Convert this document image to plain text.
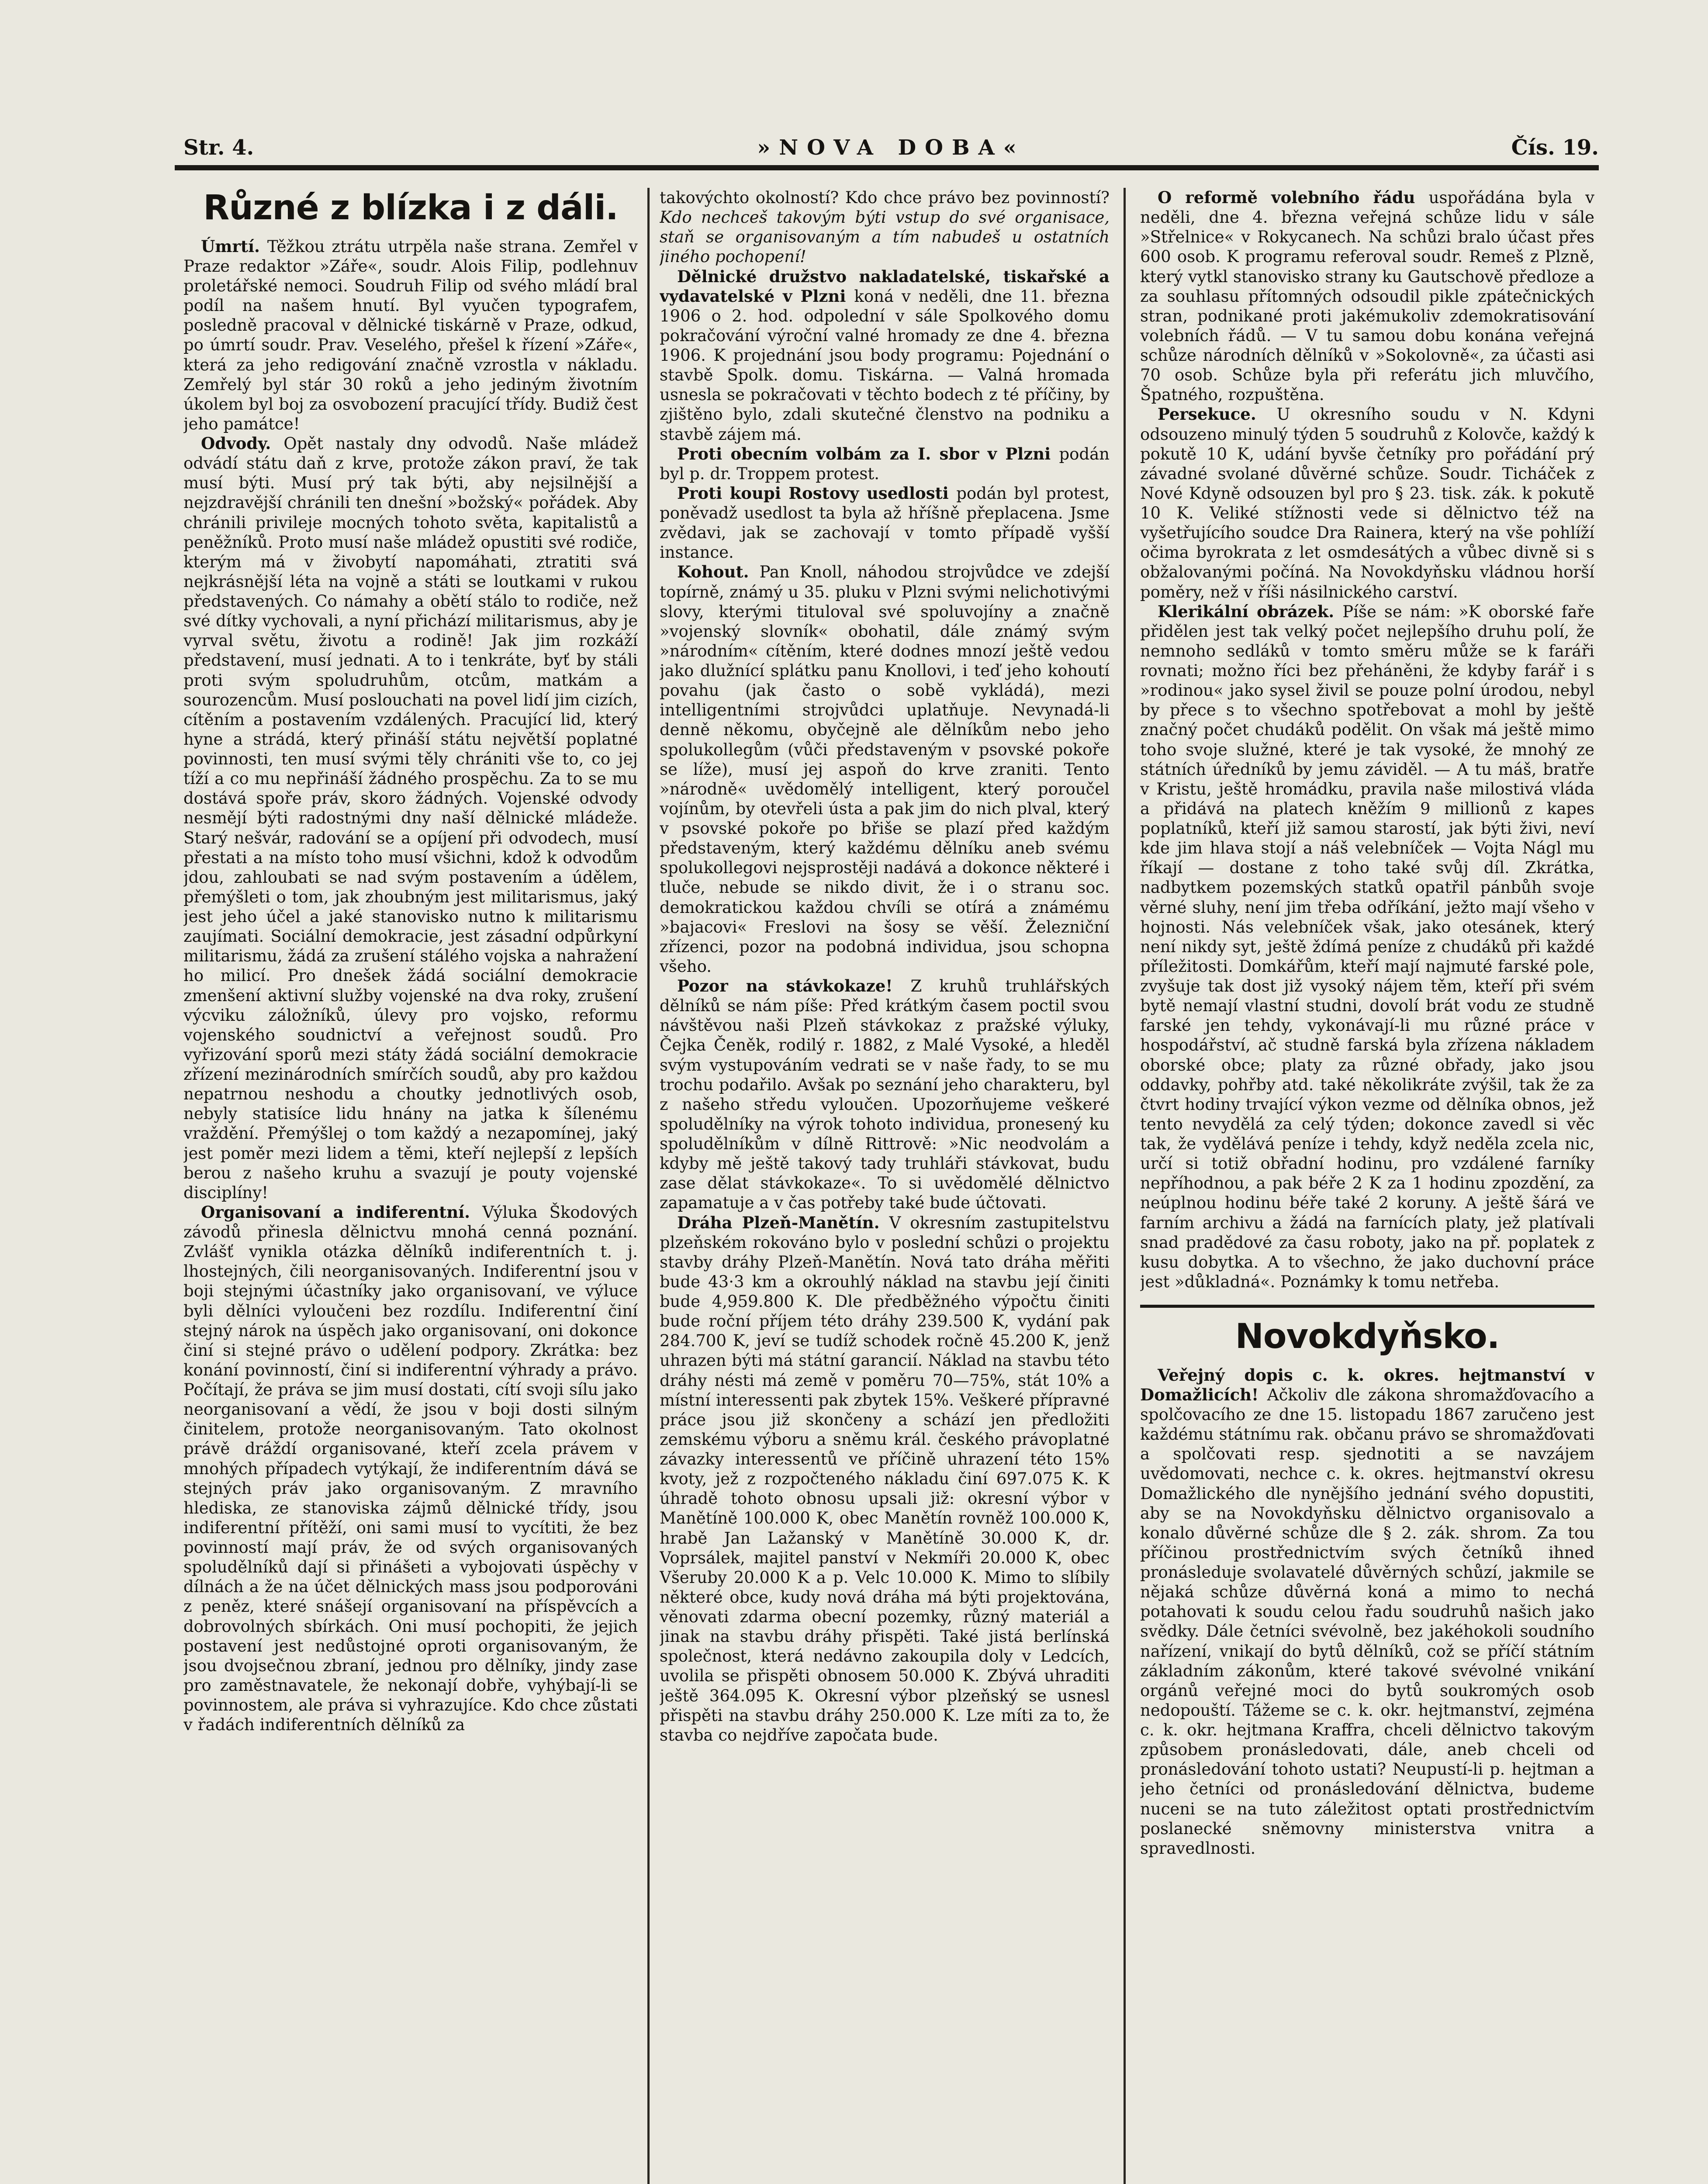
Str. 4.	»NOVA DOBA«	Čís. 19.
Různé z blízka i z dáli.

Úmrtí. Těžkou ztrátu utrpěla naše strana. Zemřel v Praze redaktor »Záře«, soudr. Alois Filip, podlehnuv proletářské nemoci. Soudruh Filip od svého mládí bral podíl na našem hnutí. Byl vyučen typografem, posledně pracoval v dělnické tiskárně v Praze, odkud, po úmrtí soudr. Prav. Veselého, přešel k řízení »Záře«, která za jeho redigování značně vzrostla v nákladu. Zemřelý byl stár 30 roků a jeho jediným životním úkolem byl boj za osvobození pracující třídy. Budiž čest jeho památce!

Odvody. Opět nastaly dny odvodů. Naše mládež odvádí státu daň z krve, protože zákon praví, že tak musí býti. Musí prý tak býti, aby nejsilnější a nejzdravější chránili ten dnešní »božský« pořádek. Aby chránili privileje mocných tohoto světa, kapitalistů a peněžníků. Proto musí naše mládež opustiti své rodiče, kterým má v živobytí napomáhati, ztratiti svá nejkrásnější léta na vojně a státi se loutkami v rukou představených. Co námahy a obětí stálo to rodiče, než své dítky vychovali, a nyní přichází militarismus, aby je vyrval světu, životu a rodině! Jak jim rozkáží představení, musí jednati. A to i tenkráte, byť by stáli proti svým spoludruhům, otcům, matkám a sourozencům. Musí poslouchati na povel lidí jim cizích, cítěním a postavením vzdálených. Pracující lid, který hyne a strádá, který přináší státu největší poplatné povinnosti, ten musí svými těly chrániti vše to, co jej tíží a co mu nepřináší žádného prospěchu. Za to se mu dostává spoře práv, skoro žádných. Vojenské odvody nesmějí býti radostnými dny naší dělnické mládeže. Starý nešvár, radování se a opíjení při odvodech, musí přestati a na místo toho musí všichni, kdož k odvodům jdou, zahloubati se nad svým postavením a údělem, přemýšleti o tom, jak zhoubným jest militarismus, jaký jest jeho účel a jaké stanovisko nutno k militarismu zaujímati. Sociální demokracie, jest zásadní odpůrkyní militarismu, žádá za zrušení stálého vojska a nahražení ho milicí. Pro dnešek žádá sociální demokracie zmenšení aktivní služby vojenské na dva roky, zrušení výcviku záložníků, úlevy pro vojsko, reformu vojenského soudnictví a veřejnost soudů. Pro vyřizování sporů mezi státy žádá sociální demokracie zřízení mezinárodních smírčích soudů, aby pro každou nepatrnou neshodu a choutky jednotlivých osob, nebyly statisíce lidu hnány na jatka k šílenému vraždění. Přemýšlej o tom každý a nezapomínej, jaký jest poměr mezi lidem a těmi, kteří nejlepší z lepších berou z našeho kruhu a svazují je pouty vojenské disciplíny!

Organisovaní a indiferentní. Výluka Škodových závodů přinesla dělnictvu mnohá cenná poznání. Zvlášť vynikla otázka dělníků indiferentních t. j. lhostejných, čili neorganisovaných. Indiferentní jsou v boji stejnými účastníky jako organisovaní, ve výluce byli dělníci vyloučeni bez rozdílu. Indiferentní činí stejný nárok na úspěch jako organisovaní, oni dokonce činí si stejné právo o udělení podpory. Zkrátka: bez konání povinností, činí si indiferentní výhrady a právo. Počítají, že práva se jim musí dostati, cítí svoji sílu jako neorganisovaní a vědí, že jsou v boji dosti silným činitelem, protože neorganisovaným. Tato okolnost právě dráždí organisované, kteří zcela právem v mnohých případech vytýkají, že indiferentním dává se stejných práv jako organisovaným. Z mravního hlediska, ze stanoviska zájmů dělnické třídy, jsou indiferentní přítěží, oni sami musí to vycítiti, že bez povinností mají práv, že od svých organisovaných spoludělníků dají si přinášeti a vybojovati úspěchy v dílnách a že na účet dělnických mass jsou podporováni z peněz, které snášejí organisovaní na příspěvcích a dobrovolných sbírkách. Oni musí pochopiti, že jejich postavení jest nedůstojné oproti organisovaným, že jsou dvojsečnou zbraní, jednou pro dělníky, jindy zase pro zaměstnavatele, že nekonají dobře, vyhýbají-li se povinnostem, ale práva si vyhrazujíce. Kdo chce zůstati v řadách indiferentních dělníků za

takovýchto okolností? Kdo chce právo bez povinností? Kdo nechceš takovým býti vstup do své organisace, staň se organisovaným a tím nabudeš u ostatních jiného pochopení!

Dělnické družstvo nakladatelské, tiskařské a vydavatelské v Plzni koná v neděli, dne 11. března 1906 o 2. hod. odpolední v sále Spolkového domu pokračování výroční valné hromady ze dne 4. března 1906. K projednání jsou body programu: Pojednání o stavbě Spolk. domu. Tiskárna. — Valná hromada usnesla se pokračovati v těchto bodech z té příčiny, by zjištěno bylo, zdali skutečné členstvo na podniku a stavbě zájem má.

Proti obecním volbám za I. sbor v Plzni podán byl p. dr. Troppem protest.

Proti koupi Rostovy usedlosti podán byl protest, poněvadž usedlost ta byla až hříšně přeplacena. Jsme zvědavi, jak se zachovají v tomto případě vyšší instance.

Kohout. Pan Knoll, náhodou strojvůdce ve zdejší topírně, známý u 35. pluku v Plzni svými nelichotivými slovy, kterými tituloval své spoluvojíny a značně »vojenský slovník« obohatil, dále známý svým »národním« cítěním, které dodnes mnozí ještě vedou jako dlužnící splátku panu Knollovi, i teď jeho kohoutí povahu (jak často o sobě vykládá), mezi intelligentními strojvůdci uplatňuje. Nevynadá-li denně někomu, obyčejně ale dělníkům nebo jeho spolukollegům (vůči představeným v psovské pokoře se líže), musí jej aspoň do krve zraniti. Tento »národně« uvědomělý intelligent, který poroučel vojínům, by otevřeli ústa a pak jim do nich plval, který v psovské pokoře po břiše se plazí před každým představeným, který každému dělníku aneb svému spolukollegovi nejsprostěji nadává a dokonce některé i tluče, nebude se nikdo divit, že i o stranu soc. demokratickou každou chvíli se otírá a známému »bajacovi« Freslovi na šosy se věší. Železniční zřízenci, pozor na podobná individua, jsou schopna všeho.

Pozor na stávkokaze! Z kruhů truhlářských dělníků se nám píše: Před krátkým časem poctil svou návštěvou naši Plzeň stávkokaz z pražské výluky, Čejka Čeněk, rodilý r. 1882, z Malé Vysoké, a hleděl svým vystupováním vedrati se v naše řady, to se mu trochu podařilo. Avšak po seznání jeho charakteru, byl z našeho středu vyloučen. Upozorňujeme veškeré spoludělníky na výrok tohoto individua, pronesený ku spoludělníkům v dílně Rittrově: »Nic neodvolám a kdyby mě ještě takový tady truhláři stávkovat, budu zase dělat stávkokaze«. To si uvědomělé dělnictvo zapamatuje a v čas potřeby také bude účtovati.

Dráha Plzeň-Manětín. V okresním zastupitelstvu plzeňském rokováno bylo v poslední schůzi o projektu stavby dráhy Plzeň-Manětín. Nová tato dráha měřiti bude 43·3 km a okrouhlý náklad na stavbu její činiti bude 4,959.800 K. Dle předběžného výpočtu činiti bude roční příjem této dráhy 239.500 K, vydání pak 284.700 K, jeví se tudíž schodek ročně 45.200 K, jenž uhrazen býti má státní garancií. Náklad na stavbu této dráhy nésti má země v poměru 70—75%, stát 10% a místní interessenti pak zbytek 15%. Veškeré přípravné práce jsou již skončeny a schází jen předložiti zemskému výboru a sněmu král. českého právoplatné závazky interessentů ve příčině uhrazení této 15% kvoty, jež z rozpočteného nákladu činí 697.075 K. K úhradě tohoto obnosu upsali již: okresní výbor v Manětíně 100.000 K, obec Manětín rovněž 100.000 K, hrabě Jan Lažanský v Manětíně 30.000 K, dr. Voprsálek, majitel panství v Nekmíři 20.000 K, obec Všeruby 20.000 K a p. Velc 10.000 K. Mimo to slíbily některé obce, kudy nová dráha má býti projektována, věnovati zdarma obecní pozemky, různý materiál a jinak na stavbu dráhy přispěti. Také jistá berlínská společnost, která nedávno zakoupila doly v Ledcích, uvolila se přispěti obnosem 50.000 K. Zbývá uhraditi ještě 364.095 K. Okresní výbor plzeňský se usnesl přispěti na stavbu dráhy 250.000 K. Lze míti za to, že stavba co nejdříve započata bude.

O reformě volebního řádu uspořádána byla v neděli, dne 4. března veřejná schůze lidu v sále »Střelnice« v Rokycanech. Na schůzi bralo účast přes 600 osob. K programu referoval soudr. Remeš z Plzně, který vytkl stanovisko strany ku Gautschově předloze a za souhlasu přítomných odsoudil pikle zpátečnických stran, podnikané proti jakémukoliv zdemokratisování volebních řádů. — V tu samou dobu konána veřejná schůze národních dělníků v »Sokolovně«, za účasti asi 70 osob. Schůze byla při referátu jich mluvčího, Špatného, rozpuštěna.

Persekuce. U okresního soudu v N. Kdyni odsouzeno minulý týden 5 soudruhů z Kolovče, každý k pokutě 10 K, udání byvše četníky pro pořádání prý závadné svolané důvěrné schůze. Soudr. Ticháček z Nové Kdyně odsouzen byl pro § 23. tisk. zák. k pokutě 10 K. Veliké stížnosti vede si dělnictvo též na vyšetřujícího soudce Dra Rainera, který na vše pohlíží očima byrokrata z let osmdesátých a vůbec divně si s obžalovanými počíná. Na Novokdyňsku vládnou horší poměry, než v říši násilnického carství.

Klerikální obrázek. Píše se nám: »K oborské faře přidělen jest tak velký počet nejlepšího druhu polí, že nemnoho sedláků v tomto směru může se k faráři rovnati; možno říci bez přeháněni, že kdyby farář i s »rodinou« jako sysel živil se pouze polní úrodou, nebyl by přece s to všechno spotřebovat a mohl by ještě značný počet chudáků podělit. On však má ještě mimo toho svoje služné, které je tak vysoké, že mnohý ze státních úředníků by jemu záviděl. — A tu máš, bratře v Kristu, ještě hromádku, pravila naše milostivá vláda a přidává na platech kněžím 9 millionů z kapes poplatníků, kteří již samou starostí, jak býti živi, neví kde jim hlava stojí a náš velebníček — Vojta Nágl mu říkají — dostane z toho také svůj díl. Zkrátka, nadbytkem pozemských statků opatřil pánbůh svoje věrné sluhy, není jim třeba odříkání, ježto mají všeho v hojnosti. Nás velebníček však, jako otesánek, který není nikdy syt, ještě ždímá peníze z chudáků při každé příležitosti. Domkářům, kteří mají najmuté farské pole, zvyšuje tak dost již vysoký nájem těm, kteří při svém bytě nemají vlastní studni, dovolí brát vodu ze studně farské jen tehdy, vykonávají-li mu různé práce v hospodářství, ač studně farská byla zřízena nákladem oborské obce; platy za různé obřady, jako jsou oddavky, pohřby atd. také několikráte zvýšil, tak že za čtvrt hodiny trvající výkon vezme od dělníka obnos, jež tento nevydělá za celý týden; dokonce zavedl si věc tak, že vydělává peníze i tehdy, když neděla zcela nic, určí si totiž obřadní hodinu, pro vzdálené farníky nepříhodnou, a pak béře 2 K za 1 hodinu zpozdění, za neúplnou hodinu béře také 2 koruny. A ještě šárá ve farním archivu a žádá na farnících platy, jež platívali snad pradědové za času roboty, jako na př. poplatek z kusu dobytka. A to všechno, že jako duchovní práce jest »důkladná«. Poznámky k tomu netřeba.

Novokdyňsko.

Veřejný dopis c. k. okres. hejtmanství v Domažlicích! Ačkoliv dle zákona shromažďovacího a spolčovacího ze dne 15. listopadu 1867 zaručeno jest každému státnímu rak. občanu právo se shromažďovati a spolčovati resp. sjednotiti a se navzájem uvědomovati, nechce c. k. okres. hejtmanství okresu Domažlického dle nynějšího jednání svého dopustiti, aby se na Novokdyňsku dělnictvo organisovalo a konalo důvěrné schůze dle § 2. zák. shrom. Za tou příčinou prostřednictvím svých četníků ihned pronásleduje svolavatelé důvěrných schůzí, jakmile se nějaká schůze důvěrná koná a mimo to nechá potahovati k soudu celou řadu soudruhů našich jako svědky. Dále četníci svévolně, bez jakéhokoli soudního nařízení, vnikají do bytů dělníků, což se příčí státním základním zákonům, které takové svévolné vnikání orgánů veřejné moci do bytů soukromých osob nedopouští. Tážeme se c. k. okr. hejtmanství, zejména c. k. okr. hejtmana Kraffra, chceli dělnictvo takovým způsobem pronásledovati, dále, aneb chceli od pronásledování tohoto ustati? Neupustí-li p. hejtman a jeho četníci od pronásledování dělnictva, budeme nuceni se na tuto záležitost optati prostřednictvím poslanecké sněmovny ministerstva vnitra a spravedlnosti.
